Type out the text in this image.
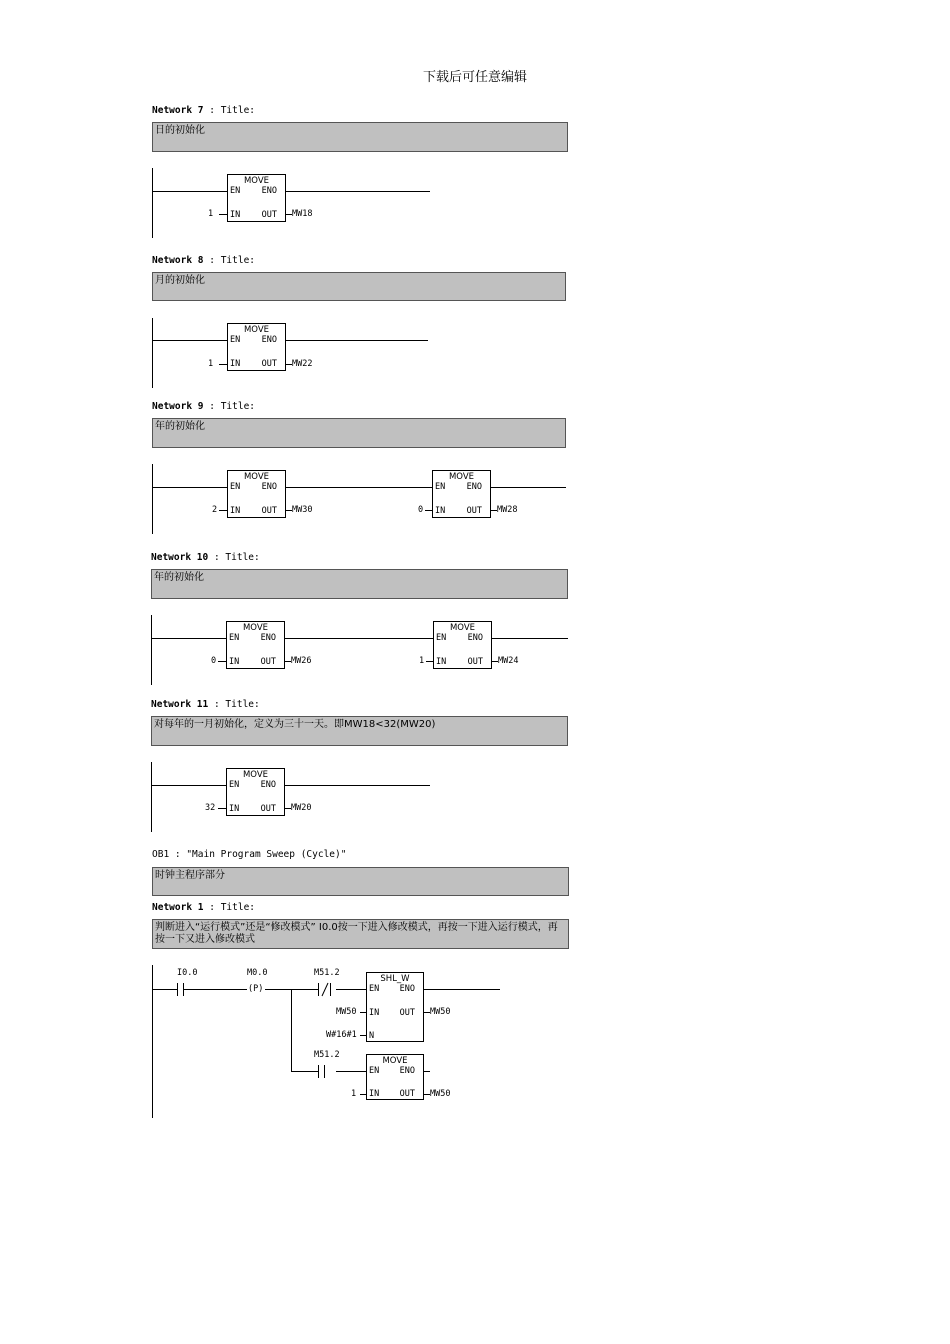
下载后可任意编辑
Network 7 : Title:
日的初始化
MOVE
EN	ENO
IN	OUT
1	MW18
Network 8 : Title:
月的初始化
MOVE
EN	ENO
IN	OUT
1	MW22
Network 9 : Title:
年的初始化
MOVE
EN	ENO
IN	OUT
2	MW30
MOVE
EN	ENO
IN	OUT
0	MW28
Network 10 : Title:
年的初始化
MOVE
EN	ENO
IN	OUT
0	MW26
MOVE
EN	ENO
IN	OUT
1	MW24
Network 11 : Title:
对每年的一月初始化，定义为三十一天。即MW18<32(MW20)
MOVE
EN	ENO
IN	OUT
32	MW20
OB1 : "Main Program Sweep (Cycle)"
时钟主程序部分
Network 1 : Title:
判断进入“运行模式”还是“修改模式” I0.0按一下进入修改模式，再按一下进入运行模式，再按一下又进入修改模式
I0.0	M0.0
(P)
M51.2
M51.2
SHL_W
EN ENO
IN OUT
N
MW50	MW50
W#16#1
MOVE
EN ENO
IN OUT
1	MW50
